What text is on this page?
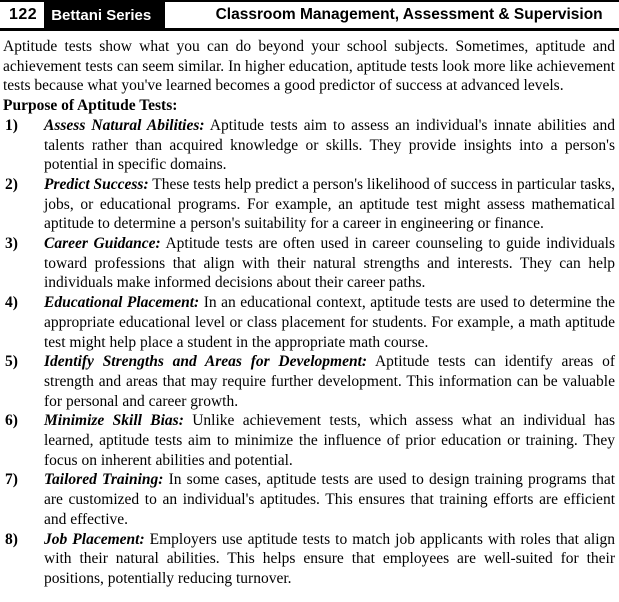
122 Bettani Series	Classroom Management, Assessment & Supervision

Aptitude tests show what you can do beyond your school subjects. Sometimes, aptitude and achievement tests can seem similar. In higher education, aptitude tests look more like achievement tests because what you've learned becomes a good predictor of success at advanced levels.

Purpose of Aptitude Tests:
1)	Assess Natural Abilities: Aptitude tests aim to assess an individual's innate abilities and talents rather than acquired knowledge or skills. They provide insights into a person's potential in specific domains.
2)	Predict Success: These tests help predict a person's likelihood of success in particular tasks, jobs, or educational programs. For example, an aptitude test might assess mathematical aptitude to determine a person's suitability for a career in engineering or finance.
3)	Career Guidance: Aptitude tests are often used in career counseling to guide individuals toward professions that align with their natural strengths and interests. They can help individuals make informed decisions about their career paths.
4)	Educational Placement: In an educational context, aptitude tests are used to determine the appropriate educational level or class placement for students. For example, a math aptitude test might help place a student in the appropriate math course.
5)	Identify Strengths and Areas for Development: Aptitude tests can identify areas of strength and areas that may require further development. This information can be valuable for personal and career growth.
6)	Minimize Skill Bias: Unlike achievement tests, which assess what an individual has learned, aptitude tests aim to minimize the influence of prior education or training. They focus on inherent abilities and potential.
7)	Tailored Training: In some cases, aptitude tests are used to design training programs that are customized to an individual's aptitudes. This ensures that training efforts are efficient and effective.
8)	Job Placement: Employers use aptitude tests to match job applicants with roles that align with their natural abilities. This helps ensure that employees are well-suited for their positions, potentially reducing turnover.
